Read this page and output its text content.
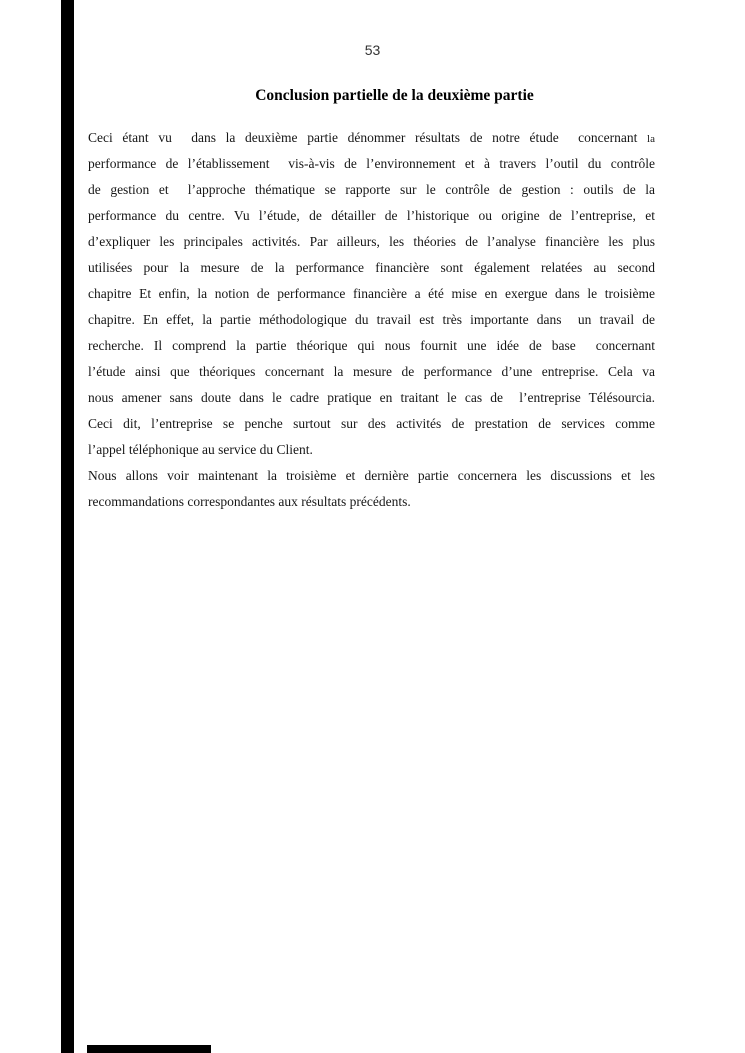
53
Conclusion partielle de la deuxième partie
Ceci étant vu  dans la deuxième partie dénommer résultats de notre étude  concernant la
performance de l’établissement  vis-à-vis de l’environnement et à travers l’outil du contrôle
de gestion et  l’approche thématique se rapporte sur le contrôle de gestion : outils de la
performance du centre. Vu l’étude, de détailler de l’historique ou origine de l’entreprise, et
d’expliquer les principales activités. Par ailleurs, les théories de l’analyse financière les plus
utilisées pour la mesure de la performance financière sont également relatées au second
chapitre Et enfin, la notion de performance financière a été mise en exergue dans le troisième
chapitre. En effet, la partie méthodologique du travail est très importante dans  un travail de
recherche. Il comprend la partie théorique qui nous fournit une idée de base  concernant
l’étude ainsi que théoriques concernant la mesure de performance d’une entreprise. Cela va
nous amener sans doute dans le cadre pratique en traitant le cas de  l’entreprise Télésourcia.
Ceci dit, l’entreprise se penche surtout sur des activités de prestation de services comme
l’appel téléphonique au service du Client.
Nous allons voir maintenant la troisième et dernière partie concernera les discussions et les
recommandations correspondantes aux résultats précédents.
